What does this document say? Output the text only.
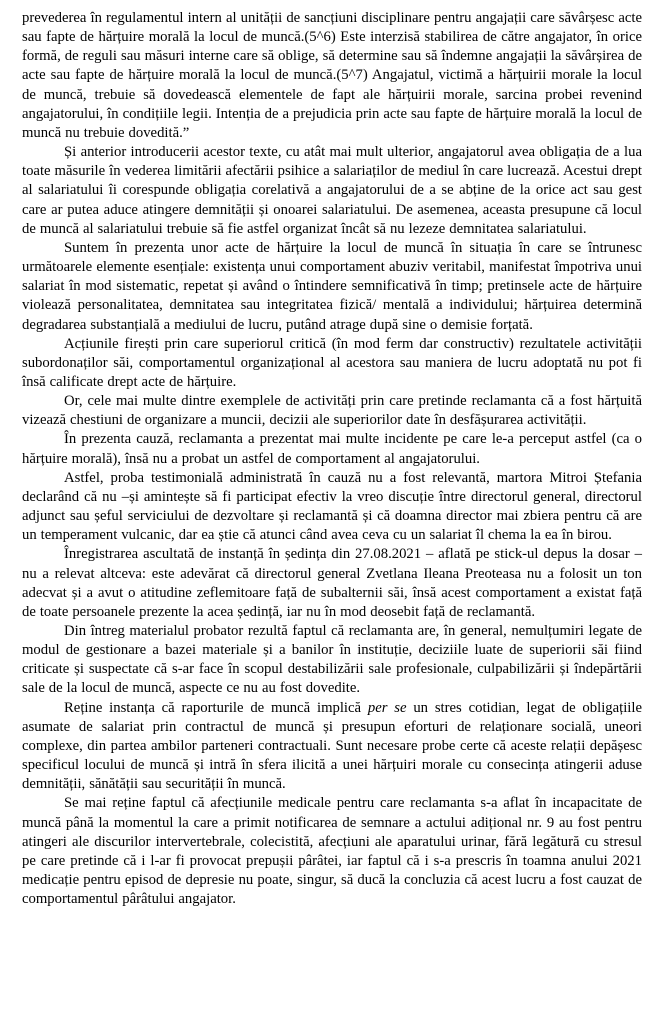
prevederea în regulamentul intern al unității de sancțiuni disciplinare pentru angajații care săvârșesc acte sau fapte de hărțuire morală la locul de muncă.(5^6) Este interzisă stabilirea de către angajator, în orice formă, de reguli sau măsuri interne care să oblige, să determine sau să îndemne angajații la săvârșirea de acte sau fapte de hărțuire morală la locul de muncă.(5^7) Angajatul, victimă a hărțuirii morale la locul de muncă, trebuie să dovedească elementele de fapt ale hărțuirii morale, sarcina probei revenind angajatorului, în condițiile legii. Intenția de a prejudicia prin acte sau fapte de hărțuire morală la locul de muncă nu trebuie dovedită.”

Și anterior introducerii acestor texte, cu atât mai mult ulterior, angajatorul avea obligația de a lua toate măsurile în vederea limitării afectării psihice a salariaților de mediul în care lucrează. Acestui drept al salariatului îi corespunde obligația corelativă a angajatorului de a se abține de la orice act sau gest care ar putea aduce atingere demnității și onoarei salariatului. De asemenea, aceasta presupune că locul de muncă al salariatului trebuie să fie astfel organizat încât să nu lezeze demnitatea salariatului.

Suntem în prezenta unor acte de hărțuire la locul de muncă în situația în care se întrunesc următoarele elemente esențiale: existența unui comportament abuziv veritabil, manifestat împotriva unui salariat în mod sistematic, repetat și având o întindere semnificativă în timp; pretinsele acte de hărțuire violează personalitatea, demnitatea sau integritatea fizică/ mentală a individului; hărțuirea determină degradarea substanțială a mediului de lucru, putând atrage după sine o demisie forțată.

Acțiunile firești prin care superiorul critică (în mod ferm dar constructiv) rezultatele activității subordonaților săi, comportamentul organizațional al acestora sau maniera de lucru adoptată nu pot fi însă calificate drept acte de hărțuire.

Or, cele mai multe dintre exemplele de activități prin care pretinde reclamanta că a fost hărțuită vizează chestiuni de organizare a muncii, decizii ale superiorilor date în desfășurarea activității.

În prezenta cauză, reclamanta a prezentat mai multe incidente pe care le-a perceput astfel (ca o hărțuire morală), însă nu a probat un astfel de comportament al angajatorului.

Astfel, proba testimonială administrată în cauză nu a fost relevantă, martora Mitroi Ștefania declarând că nu –și amintește să fi participat efectiv la vreo discuție între directorul general, directorul adjunct sau șeful serviciului de dezvoltare și reclamantă și că doamna director mai zbiera pentru că are un temperament vulcanic, dar ea știe că atunci când avea ceva cu un salariat îl chema la ea în birou.

Înregistrarea ascultată de instanță în ședința din 27.08.2021 – aflată pe stick-ul depus la dosar – nu a relevat altceva: este adevărat că directorul general Zvetlana Ileana Preoteasa nu a folosit un ton adecvat și a avut o atitudine zeflemitoare față de subalternii săi, însă acest comportament a existat față de toate persoanele prezente la acea ședință, iar nu în mod deosebit față de reclamantă.

Din întreg materialul probator rezultă faptul că reclamanta are, în general, nemulțumiri legate de modul de gestionare a bazei materiale și a banilor în instituție, deciziile luate de superiorii săi fiind criticate și suspectate că s-ar face în scopul destabilizării sale profesionale, culpabilizării și îndepărtării sale de la locul de muncă, aspecte ce nu au fost dovedite.

Reține instanța că raporturile de muncă implică per se un stres cotidian, legat de obligațiile asumate de salariat prin contractul de muncă și presupun eforturi de relaționare socială, uneori complexe, din partea ambilor parteneri contractuali. Sunt necesare probe certe că aceste relații depășesc specificul locului de muncă și intră în sfera ilicită a unei hărțuiri morale cu consecința atingerii aduse demnității, sănătății sau securității în muncă.

Se mai reține faptul că afecțiunile medicale pentru care reclamanta s-a aflat în incapacitate de muncă până la momentul la care a primit notificarea de semnare a actului adițional nr. 9 au fost pentru atingeri ale discurilor intervertebrale, colecistită, afecțiuni ale aparatului urinar, fără legătură cu stresul pe care pretinde că i l-ar fi provocat prepușii pârâtei, iar faptul că i s-a prescris în toamna anului 2021 medicație pentru episod de depresie nu poate, singur, să ducă la concluzia că acest lucru a fost cauzat de comportamentul pârâtului angajator.
